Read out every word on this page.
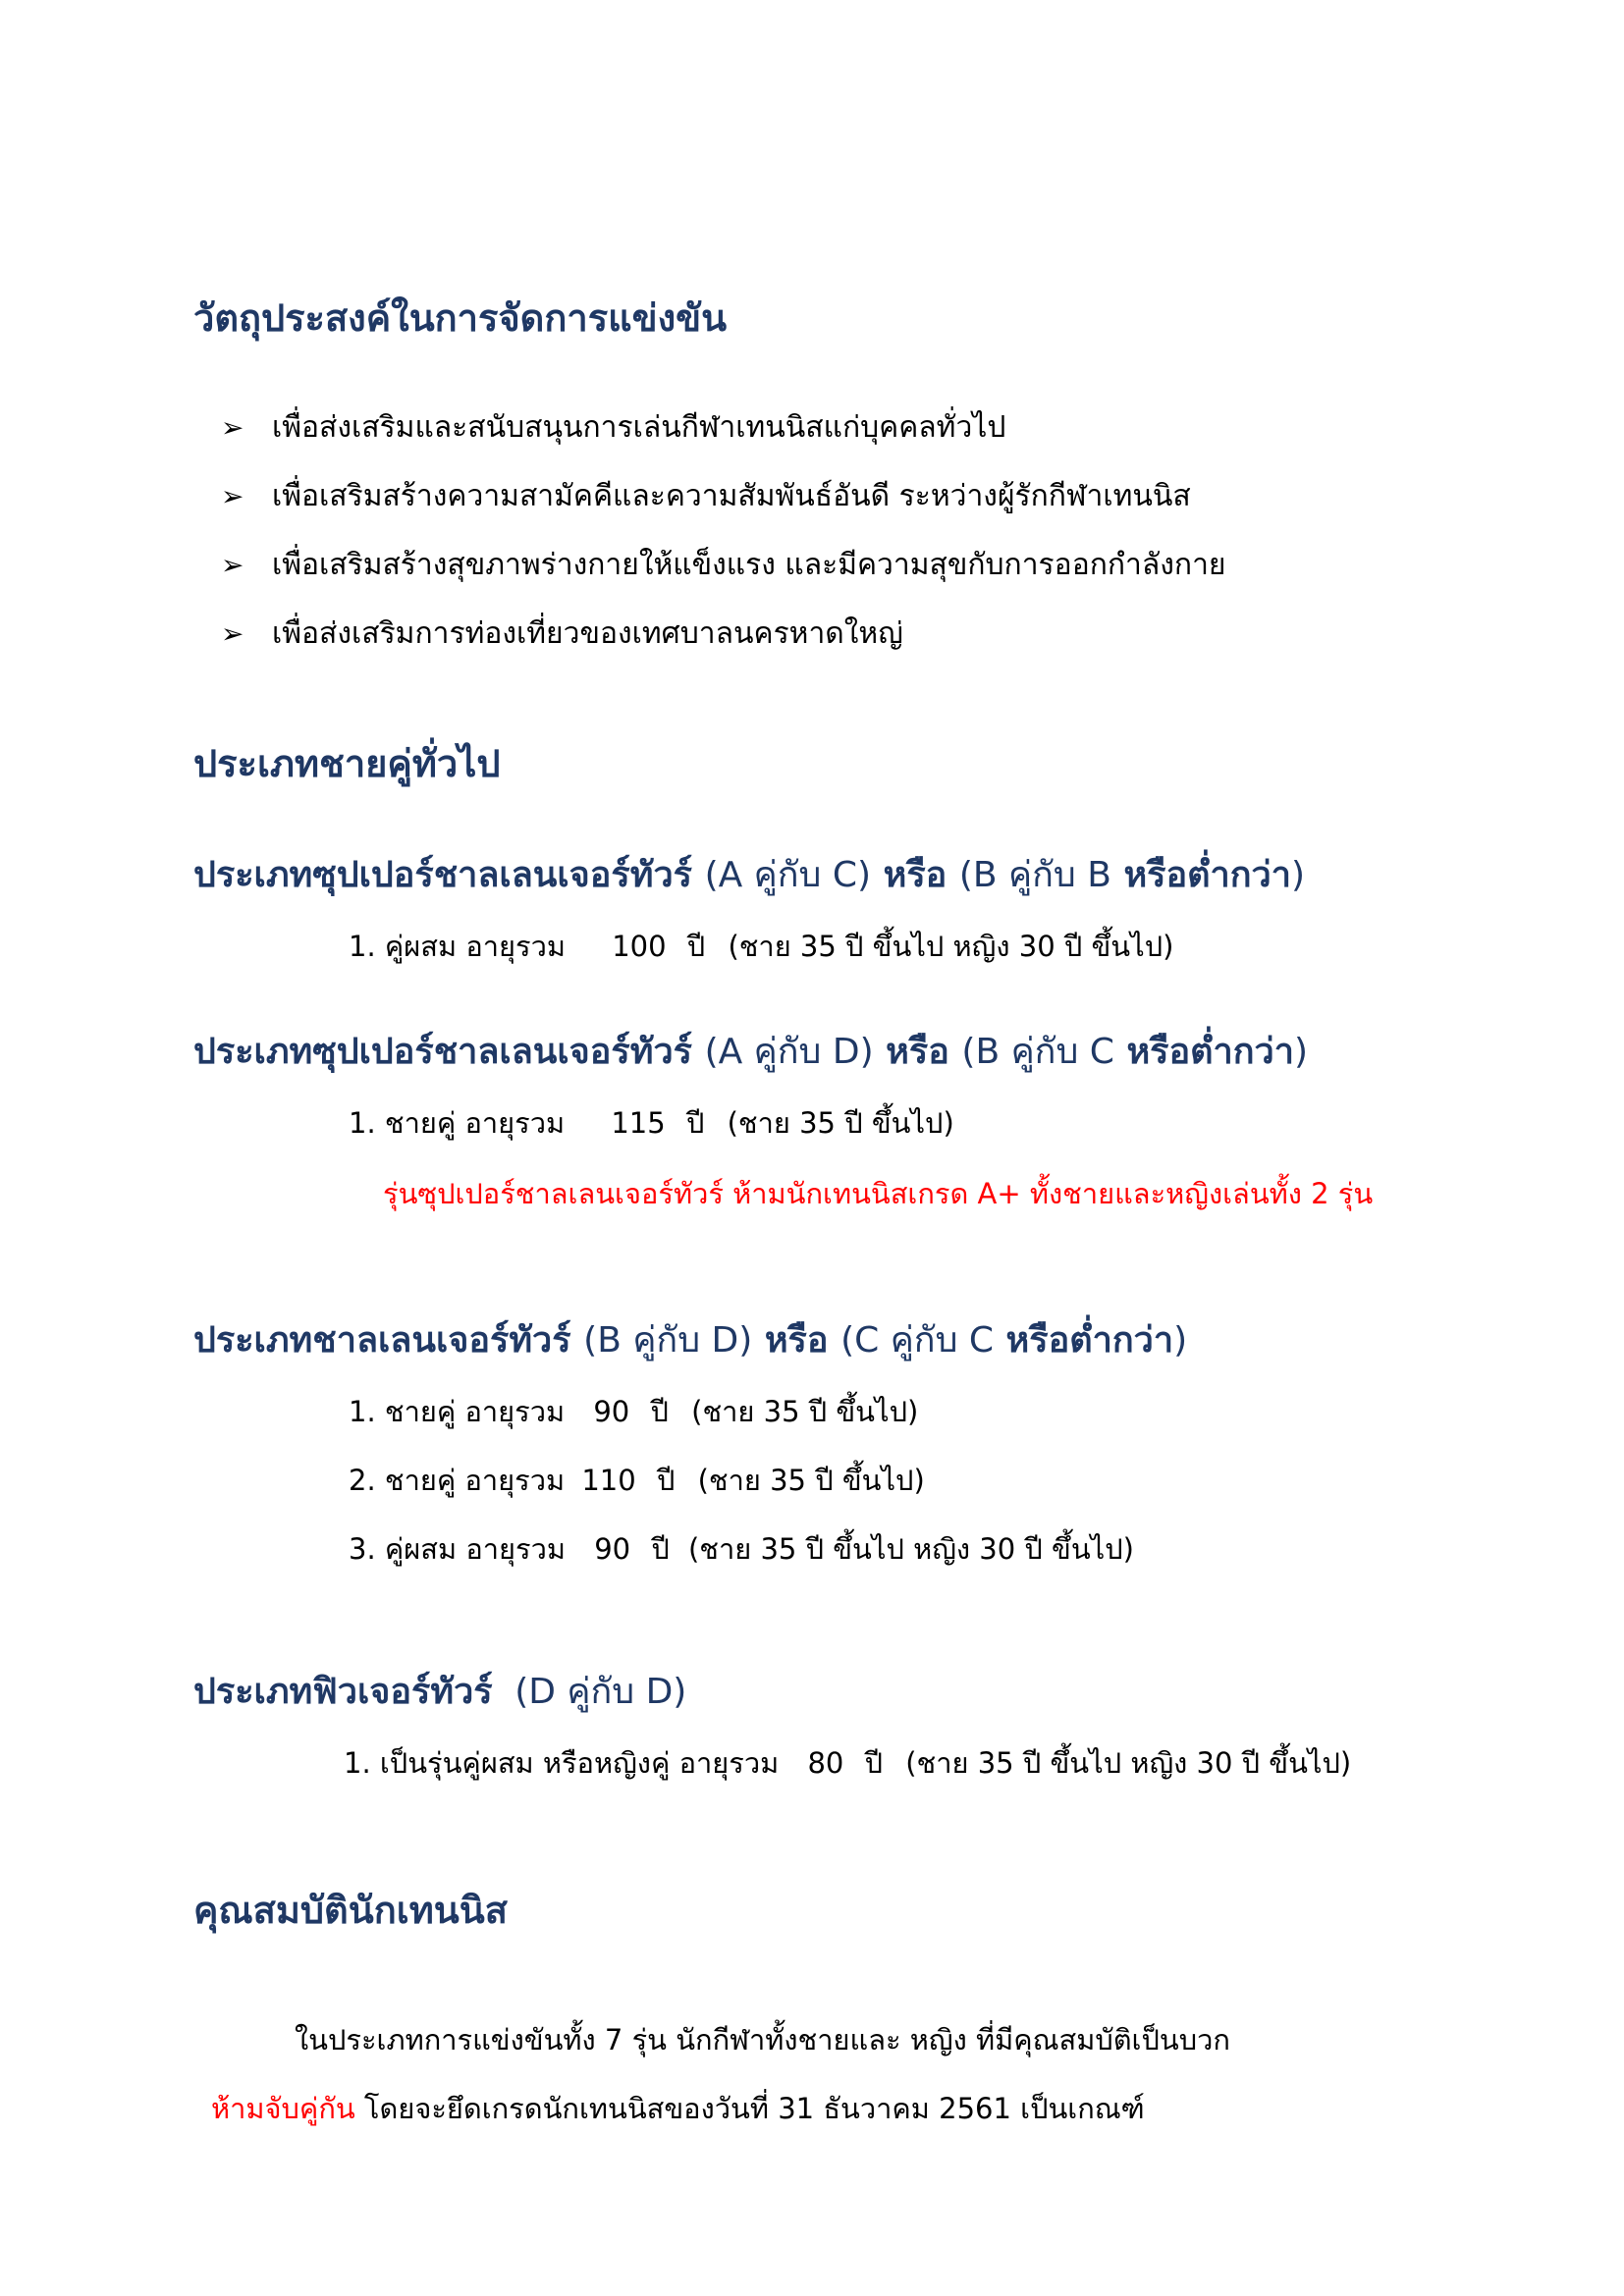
วัตถุประสงค์ในการจัดการแข่งขัน
➢ เพื่อส่งเสริมและสนับสนุนการเล่นกีฬาเทนนิสแก่บุคคลทั่วไป
➢ เพื่อเสริมสร้างความสามัคคีและความสัมพันธ์อันดี ระหว่างผู้รักกีฬาเทนนิส
➢ เพื่อเสริมสร้างสุขภาพร่างกายให้แข็งแรง และมีความสุขกับการออกกำลังกาย
➢ เพื่อส่งเสริมการท่องเที่ยวของเทศบาลนครหาดใหญ่
ประเภทชายคู่ทั่วไป
ประเภทซุปเปอร์ชาลเลนเจอร์ทัวร์ (A คู่กับ C) หรือ (B คู่กับ B หรือต่ำกว่า)

1. คู่ผสม อายุรวม 100 ปี (ชาย 35 ปี ขึ้นไป หญิง 30 ปี ขึ้นไป)

ประเภทซุปเปอร์ชาลเลนเจอร์ทัวร์ (A คู่กับ D) หรือ (B คู่กับ C หรือต่ำกว่า)

1. ชายคู่ อายุรวม 115 ปี (ชาย 35 ปี ขึ้นไป)

รุ่นซุปเปอร์ชาลเลนเจอร์ทัวร์ ห้ามนักเทนนิสเกรด A+ ทั้งชายและหญิงเล่นทั้ง 2 รุ่น

ประเภทชาลเลนเจอร์ทัวร์ (B คู่กับ D) หรือ (C คู่กับ C หรือต่ำกว่า)

1. ชายคู่ อายุรวม 90 ปี (ชาย 35 ปี ขึ้นไป)

2. ชายคู่ อายุรวม 110 ปี (ชาย 35 ปี ขึ้นไป)

3. คู่ผสม อายุรวม 90 ปี (ชาย 35 ปี ขึ้นไป หญิง 30 ปี ขึ้นไป)

ประเภทฟิวเจอร์ทัวร์ (D คู่กับ D)

1. เป็นรุ่นคู่ผสม หรือหญิงคู่ อายุรวม 80 ปี (ชาย 35 ปี ขึ้นไป หญิง 30 ปี ขึ้นไป)

คุณสมบัตินักเทนนิส

ในประเภทการแข่งขันทั้ง 7 รุ่น นักกีฬาทั้งชายและ หญิง ที่มีคุณสมบัติเป็นบวก

ห้ามจับคู่กัน โดยจะยึดเกรดนักเทนนิสของวันที่ 31 ธันวาคม 2561 เป็นเกณฑ์
